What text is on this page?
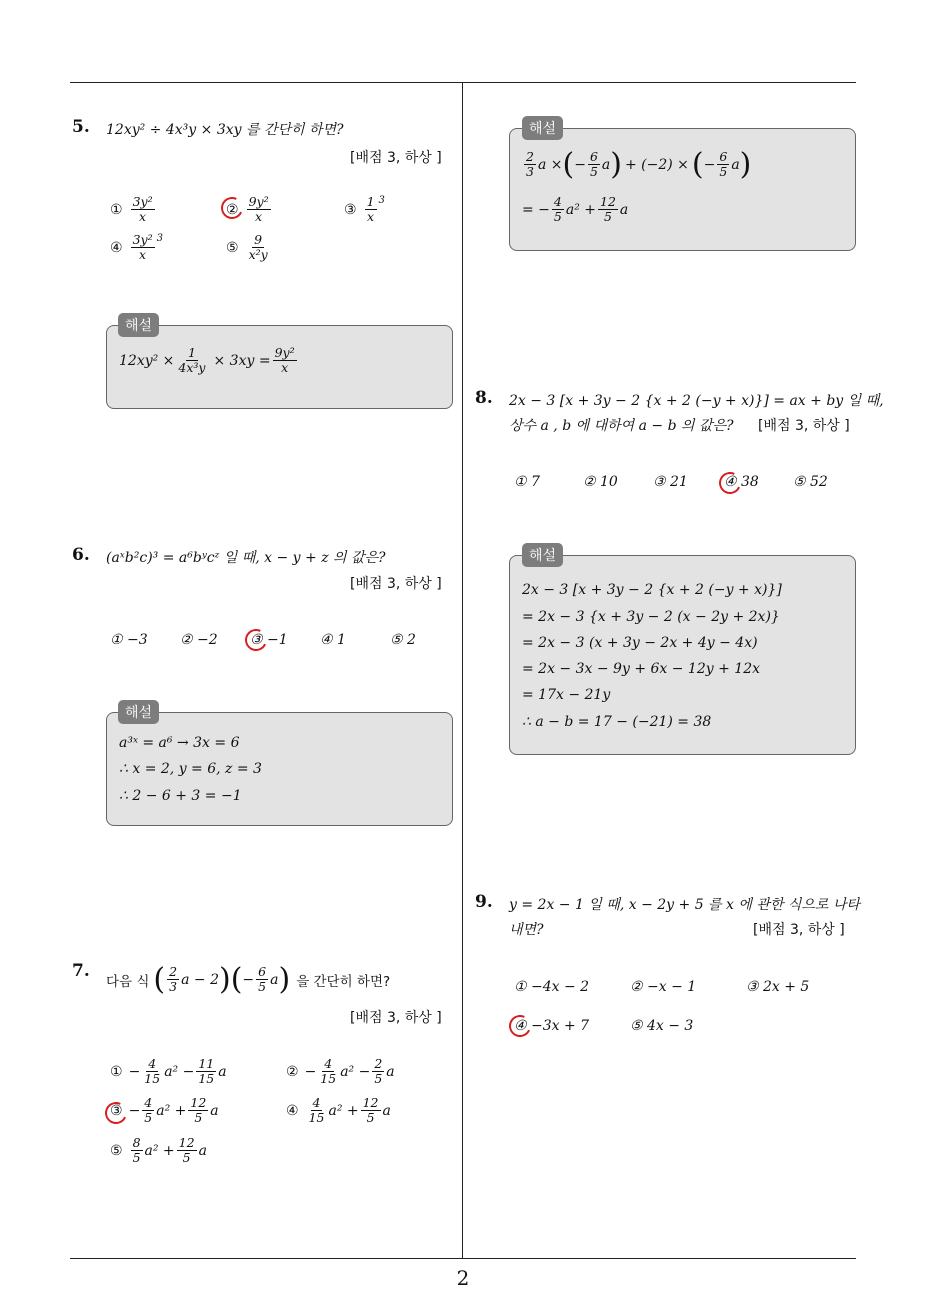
2
5. 12xy² ÷ 4x³y × 3xy 를 간단히 하면?
[배점 3, 하상 ]
① $\frac{\text{3y²}}{x}$	② $\frac{\text{9y²}}{x}$	③ $\frac{1}{x}^3$
④ $\frac{\text{3y²}}{x}^3$
⑤ $\frac{9}{\text{x²y}}$
$12xy^2 \times \frac{1}{\text{4x³y}} \times 3xy = \frac{\text{9y²}}{x}$
해설
6. (aˣb²c)³ = a⁶bʸcᶻ 일 때, x − y + z 의 값은?
[배점 3, 하상 ]
① −3 ② −2 ③ −1 ④ 1	⑤ 2
a³ˣ = a⁶ → 3x = 6
∴ x = 2, y = 6, z = 3
∴ 2 − 6 + 3 = −1
해설
7.
다음 식 ( $\frac{2}{3}$ a − 2 ) ( − $\frac{6}{5}$ a ) 을 간단히 하면?
[배점 3, 하상 ]
① − $\frac{4}{15} a^2 - \frac{11}{15}$ a	② − $\frac{4}{15} a^2 - \frac{2}{5}$ a
③ − $\frac{4}{5} a^2 + \frac{12}{5}$ a	④ $\frac{4}{15} a^2 + \frac{12}{5}$ a
⑤ $\frac{8}{5} a^2 + \frac{12}{5}$ a
$\frac{2}{3}$ a × ( − $\frac{6}{5}$ a ) + (−2) × ( − $\frac{6}{5}$ a )
= − $\frac{4}{5} a^2 + \frac{12}{5}$ a
해설
8. 2x − 3 [x + 3y − 2 {x + 2 (−y + x)}] = ax + by 일 때,
상수 a , b 에 대하여 a − b 의 값은? [배점 3, 하상 ]
① 7	② 10	③ 21	④ 38 ⑤ 52
2x − 3 [x + 3y − 2 {x + 2 (−y + x)}]
= 2x − 3 {x + 3y − 2 (x − 2y + 2x)}
= 2x − 3 (x + 3y − 2x + 4y − 4x)
= 2x − 3x − 9y + 6x − 12y + 12x
= 17x − 21y
∴ a − b = 17 − (−21) = 38
해설
9. y = 2x − 1 일 때, x − 2y + 5 를 x 에 관한 식으로 나타
내면?	[배점 3, 하상 ]
① −4x − 2	② −x − 1	③ 2x + 5
④ −3x + 7	⑤ 4x − 3
